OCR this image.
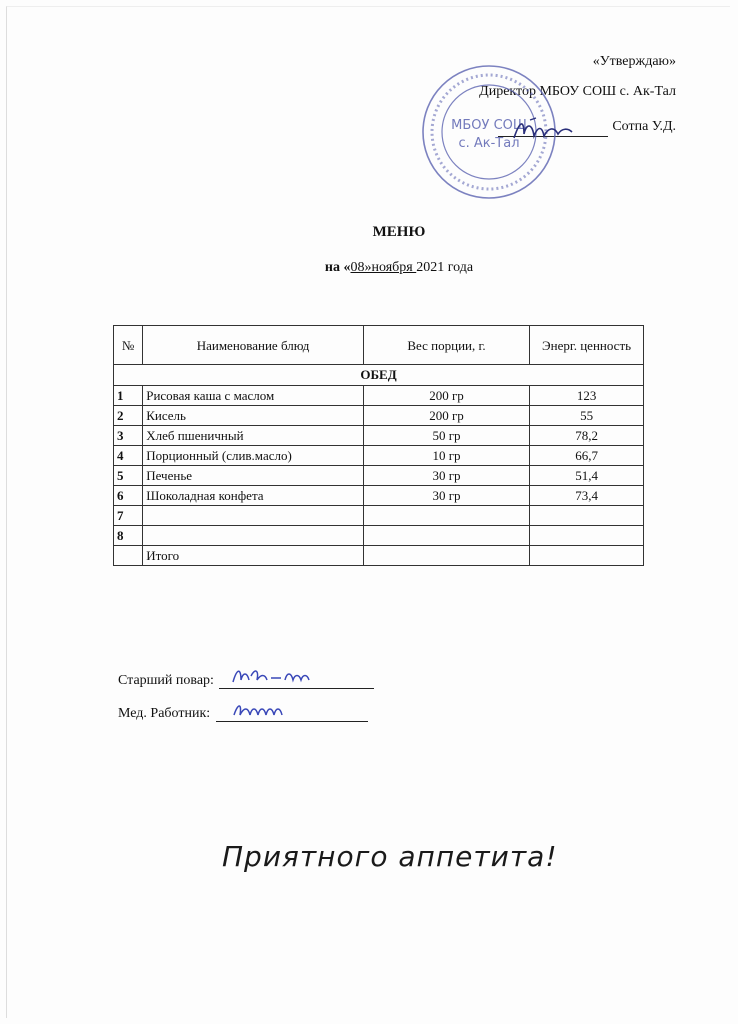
«Утверждаю»
Директор МБОУ СОШ с. Ак-Тал
Сотпа У.Д.
МБОУ СОШ
с. Ак-Тал
МЕНЮ
на «08»ноября 2021 года
№	Наименование блюд	Вес порции, г.	Энерг. ценность
ОБЕД			
1	Рисовая каша с маслом	200 гр	123
2	Кисель	200 гр	55
3	Хлеб пшеничный	50 гр	78,2
4	Порционный (слив.масло)	10 гр	66,7
5	Печенье	30 гр	51,4
6	Шоколадная конфета	30 гр	73,4
7			
8			
	Итого		
Старший повар:
Мед. Работник:
Приятного аппетита!
